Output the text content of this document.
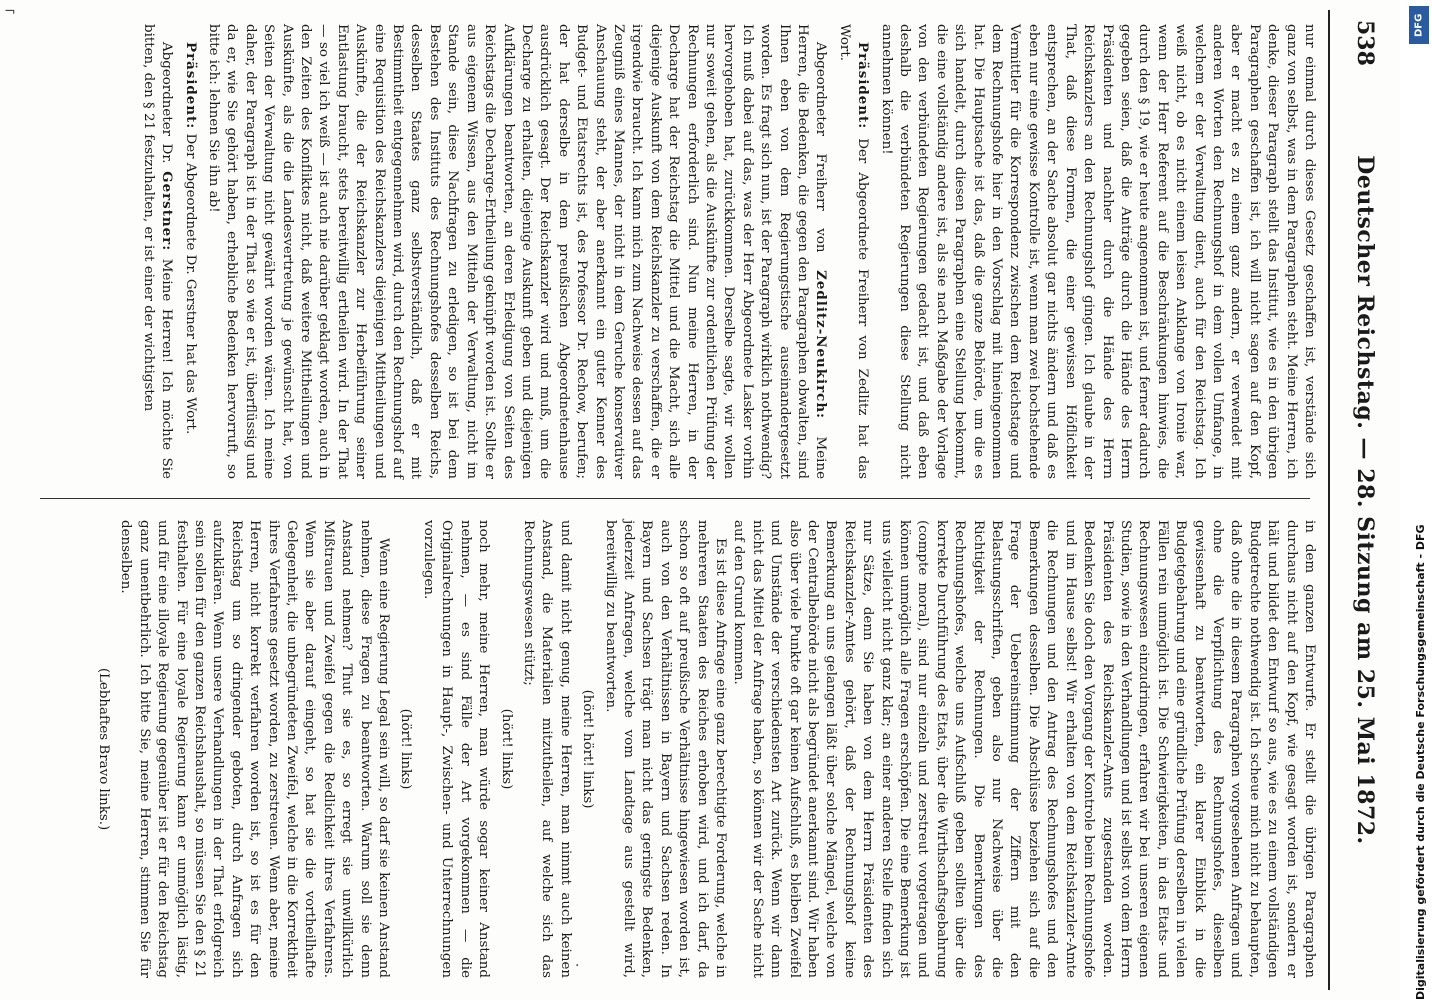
538
Deutscher Reichstag. — 28. Sitzung am 25. Mai 1872.

nur einmal durch dieses Gesetz geschaffen ist, verstände sich ganz von selbst, was in dem Paragraphen steht. Meine Herren, ich denke, dieser Paragraph stellt das Institut, wie es in den übrigen Paragraphen geschaffen ist, ich will nicht sagen auf den Kopf, aber er macht es zu einem ganz andern, er verwendet mit anderen Worten den Rechnungshof in dem vollen Umfange, in welchem er der Verwaltung dient, auch für den Reichstag. Ich weiß nicht, ob es nicht einem leisen Anklange von Ironie war, wenn der Herr Referent auf die Beschränkungen hinwies, die durch den § 19, wie er heute angenommen ist, und ferner dadurch gegeben seien, daß die Anträge durch die Hände des Herrn Präsidenten und nachher durch die Hände des Herrn Reichskanzlers an den Rechnungshof gingen. Ich glaube in der That, daß diese Formen, die einer gewissen Höflichkeit entsprechen, an der Sache absolut gar nichts ändern und daß es eben nur eine gewisse Kontrolle ist, wenn man zwei hochstehende Vermittler für die Korrespondenz zwischen dem Reichstage und dem Rechnungshofe hier in den Vorschlag mit hineingenommen hat. Die Hauptsache ist das, daß die ganze Behörde, um die es sich handelt, durch diesen Paragraphen eine Stellung bekommt, die eine vollständig andere ist, als sie nach Maßgabe der Vorlage von den verbündeten Regierungen gedacht ist, und daß eben deshalb die verbündeten Regierungen diese Stellung nicht annehmen können!

Präsident: Der Abgeordnete Freiherr von Zedlitz hat das Wort.

Abgeordneter Freiherr von Zedlitz-Neukirch: Meine Herren, die Bedenken, die gegen den Paragraphen obwalten, sind Ihnen eben von dem Regierungstische auseinandergesetzt worden. Es fragt sich nun, ist der Paragraph wirklich nothwendig? Ich muß dabei auf das, was der Herr Abgeordnete Lasker vorhin hervorgehoben hat, zurückkommen. Derselbe sagte, wir wollen nur soweit gehen, als die Auskünfte zur ordentlichen Prüfung der Rechnungen erforderlich sind. Nun meine Herren, in der Decharge hat der Reichstag die Mittel und die Macht, sich alle diejenige Auskunft von dem Reichskanzler zu verschaffen, die er irgendwie braucht. Ich kann mich zum Nachweise dessen auf das Zeugniß eines Mannes, der nicht in dem Geruche konservativer Anschauung steht, der aber anerkannt ein guter Kenner des Budget- und Etatsrechts ist, des Professor Dr. Rechow, berufen; der hat derselbe in dem preußischen Abgeordnetenhause ausdrücklich gesagt. Der Reichskanzler wird und muß, um die Decharge zu erhalten, diejenige Auskunft geben und diejenigen Aufklärungen beantworten, an deren Erledigung von Seiten des Reichstags die Decharge-Ertheilung geknüpft worden ist. Sollte er aus eigenem Wissen, aus den Mitteln der Verwaltung, nicht im Stande sein, diese Nachfragen zu erledigen, so ist bei dem Bestehen des Instituts des Rechnungshofes desselben Reichs, desselben Staates ganz selbstverständlich, daß er mit Bestimmtheit entgegennehmen wird, durch den Rechnungshof auf eine Requisition des Reichskanzlers diejenigen Mittheilungen und Auskünfte, die der Reichskanzler zur Herbeiführung seiner Entlastung braucht, stets bereitwillig ertheilen wird. In der That — so viel ich weiß — ist auch nie darüber geklagt worden, auch in den Zeiten des Konfliktes nicht, daß weitere Mittheilungen und Auskünfte, als die die Landesvertretung je gewünscht hat, von Seiten der Verwaltung nicht gewährt worden wären. Ich meine daher, der Paragraph ist in der That so wie er ist, überflüssig und da er, wie Sie gehört haben, erhebliche Bedenken hervorruft, so bitte ich: lehnen Sie ihn ab!

Präsident: Der Abgeordnete Dr. Gerstner hat das Wort.

Abgeordneter Dr. Gerstner: Meine Herren! Ich möchte Sie bitten, den § 21 festzuhalten, er ist einer der wichtigsten

in dem ganzen Entwurfe. Er stellt die übrigen Paragraphen durchaus nicht auf den Kopf, wie gesagt worden ist, sondern er hält und bildet den Entwurf so aus, wie es zu einem vollständigen Budgetrechte nothwendig ist. Ich scheue mich nicht zu behaupten, daß ohne die in diesem Paragraphen vorgesehenen Anfragen und ohne die Verpflichtung des Rechnungshofes, dieselben gewissenhaft zu beantworten, ein klarer Einblick in die Budgetgebahrung und eine gründliche Prüfung derselben in vielen Fällen rein unmöglich ist. Die Schwierigkeiten, in das Etats- und Rechnungswesen einzudringen, erfahren wir bei unseren eigenen Studien, sowie in den Verhandlungen und ist selbst von dem Herrn Präsidenten des Reichskanzler-Amts zugestanden worden. Bedenken Sie doch den Vorgang der Kontrole beim Rechnungshofe und im Hause selbst! Wir erhalten von dem Reichskanzler-Amte die Rechnungen und den Antrag des Rechnungshofes und den Bemerkungen desselben. Die Abschlüsse beziehen sich auf die Frage der Uebereinstimmung der Ziffern mit den Belastungsschriften, geben also nur Nachweise über die Richtigkeit der Rechnungen. Die Bemerkungen des Rechnungshofes, welche uns Aufschluß geben sollten über die korrekte Durchführung des Etats, über die Wirthschaftsgebahrung (compte moral), sind nur einzeln und zerstreut vorgetragen und können unmöglich alle Fragen erschöpfen. Die eine Bemerkung ist uns vielleicht nicht ganz klar; an einer anderen Stelle finden sich nur Sätze, denn Sie haben von dem Herrn Präsidenten des Reichskanzler-Amtes gehört, daß der Rechnungshof keine Bemerkung an uns gelangen läßt über solche Mängel, welche von der Centralbehörde nicht als begründet anerkannt sind. Wir haben also über viele Punkte oft gar keinen Aufschluß, es bleiben Zweifel und Umstände der verschiedensten Art zurück. Wenn wir dann nicht das Mittel der Anfrage haben, so können wir der Sache nicht auf den Grund kommen.

Es ist diese Anfrage eine ganz berechtigte Forderung, welche in mehreren Staaten des Reiches erhoben wird, und ich darf, da schon so oft auf preußische Verhältnisse hingewiesen worden ist, auch von den Verhältnissen in Bayern und Sachsen reden. In Bayern und Sachsen trägt man nicht das geringste Bedenken, jederzeit Anfragen, welche vom Landtage aus gestellt wird, bereitwillig zu beantworten.

(hört! hört! links)

und damit nicht genug, meine Herren, man nimmt auch keinen Anstand, die Materialien mitzutheilen, auf welche sich das Rechnungswesen stützt;

(hört! links)

noch mehr, meine Herren, man würde sogar keiner Anstand nehmen, — es sind Fälle der Art vorgekommen — die Originalrechnungen in Haupt-, Zwischen- und Unterrechnungen vorzulegen.

(hört! links)

Wenn eine Regierung Legal sein will, so darf sie keinen Anstand nehmen, diese Fragen zu beantworten. Warum soll sie denn Anstand nehmen? Thut sie es, so erregt sie unwillkürlich Mißtrauen und Zweifel gegen die Redlichkeit ihres Verfahrens. Wenn sie aber darauf eingeht, so hat sie die vortheilhafte Gelegenheit, die unbegründeten Zweifel, welche in die Korrektheit ihres Verfahrens gesetzt worden, zu zerstreuen. Wenn aber, meine Herren, nicht korrekt verfahren worden ist, so ist es für den Reichstag um so dringender geboten, durch Anfragen sich aufzuklären. Wenn unsere Verhandlungen in der That erfolgreich sein sollen für den ganzen Reichshaushalt, so müssen Sie den § 21 festhalten. Für eine loyale Regierung kann er unmöglich lästig, und für eine illoyale Regierung gegenüber ist er für den Reichstag ganz unentbehrlich. Ich bitte Sie, meine Herren, stimmen Sie für denselben.

(Lebhaftes Bravo links.)	Digitalisierung gefördert durch die Deutsche Forschungsgemeinschaft - DFG
DFG
¬
·
